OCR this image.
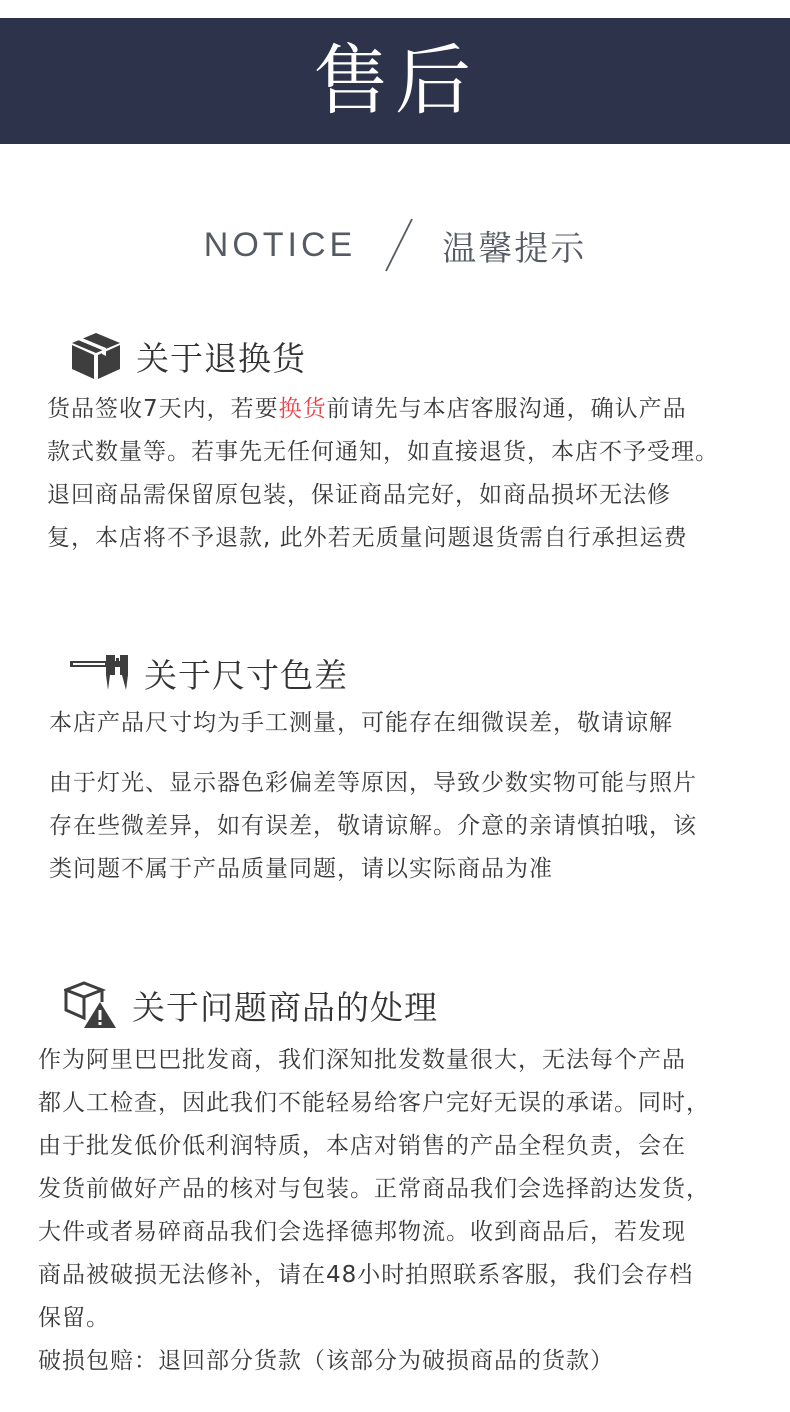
售后
NOTICE	温馨提示
关于退换货
货品签收7天内，若要换货前请先与本店客服沟通，确认产品
款式数量等。若事先无任何通知，如直接退货，本店不予受理。
退回商品需保留原包装，保证商品完好，如商品损坏无法修
复，本店将不予退款, 此外若无质量问题退货需自行承担运费
关于尺寸色差
本店产品尺寸均为手工测量，可能存在细微误差，敬请谅解
由于灯光、显示器色彩偏差等原因，导致少数实物可能与照片
存在些微差异，如有误差，敬请谅解。介意的亲请慎拍哦，该
类问题不属于产品质量同题，请以实际商品为准
关于问题商品的处理
作为阿里巴巴批发商，我们深知批发数量很大，无法每个产品
都人工检查，因此我们不能轻易给客户完好无误的承诺。同时，
由于批发低价低利润特质，本店对销售的产品全程负责，会在
发货前做好产品的核对与包装。正常商品我们会选择韵达发货，
大件或者易碎商品我们会选择德邦物流。收到商品后，若发现
商品被破损无法修补，请在48小时拍照联系客服，我们会存档
保留。
破损包赔：退回部分货款（该部分为破损商品的货款）
